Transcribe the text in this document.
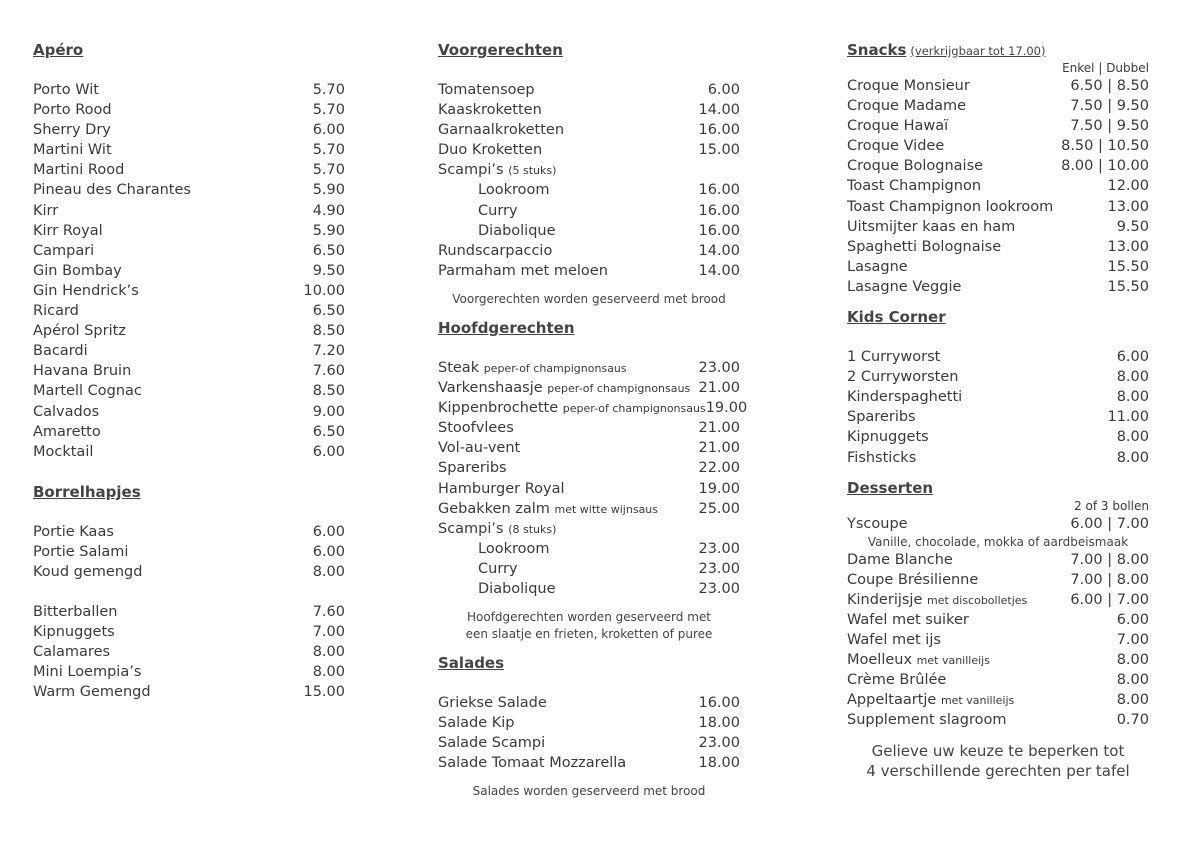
Apéro
Porto Wit	5.70
Porto Rood	5.70
Sherry Dry	6.00
Martini Wit	5.70
Martini Rood	5.70
Pineau des Charantes	5.90
Kirr	4.90
Kirr Royal	5.90
Campari	6.50
Gin Bombay	9.50
Gin Hendrick’s	10.00
Ricard	6.50
Apérol Spritz	8.50
Bacardi	7.20
Havana Bruin	7.60
Martell Cognac	8.50
Calvados	9.00
Amaretto	6.50
Mocktail	6.00
Borrelhapjes
Portie Kaas	6.00
Portie Salami	6.00
Koud gemengd	8.00
Bitterballen	7.60
Kipnuggets	7.00
Calamares	8.00
Mini Loempia’s	8.00
Warm Gemengd	15.00
Voorgerechten
Tomatensoep	6.00
Kaaskroketten	14.00
Garnaalkroketten	16.00
Duo Kroketten	15.00
Scampi’s (5 stuks)
Lookroom	16.00
Curry	16.00
Diabolique	16.00
Rundscarpaccio	14.00
Parmaham met meloen	14.00
Voorgerechten worden geserveerd met brood
Hoofdgerechten
Steak peper-of champignonsaus	23.00
Varkenshaasje peper-of champignonsaus 21.00
Kippenbrochette peper-of champignonsaus 19.00
Stoofvlees	21.00
Vol-au-vent	21.00
Spareribs	22.00
Hamburger Royal	19.00
Gebakken zalm met witte wijnsaus	25.00
Scampi’s (8 stuks)
Lookroom	23.00
Curry	23.00
Diabolique	23.00
Hoofdgerechten worden geserveerd met
een slaatje en frieten, kroketten of puree
Salades
Griekse Salade	16.00
Salade Kip	18.00
Salade Scampi	23.00
Salade Tomaat Mozzarella	18.00
Salades worden geserveerd met brood
Snacks (verkrijgbaar tot 17.00)
Enkel | Dubbel
Croque Monsieur	6.50 | 8.50
Croque Madame	7.50 | 9.50
Croque Hawaï	7.50 | 9.50
Croque Videe	8.50 | 10.50
Croque Bolognaise	8.00 | 10.00
Toast Champignon	12.00
Toast Champignon lookroom	13.00
Uitsmijter kaas en ham	9.50
Spaghetti Bolognaise	13.00
Lasagne	15.50
Lasagne Veggie	15.50
Kids Corner
1 Curryworst	6.00
2 Curryworsten	8.00
Kinderspaghetti	8.00
Spareribs	11.00
Kipnuggets	8.00
Fishsticks	8.00
Desserten
2 of 3 bollen
Yscoupe	6.00 | 7.00
Vanille, chocolade, mokka of aardbeismaak
Dame Blanche	7.00 | 8.00
Coupe Brésilienne	7.00 | 8.00
Kinderijsje met discobolletjes	6.00 | 7.00
Wafel met suiker	6.00
Wafel met ijs	7.00
Moelleux met vanilleijs	8.00
Crème Brûlée	8.00
Appeltaartje met vanilleijs	8.00
Supplement slagroom	0.70
Gelieve uw keuze te beperken tot
4 verschillende gerechten per tafel
